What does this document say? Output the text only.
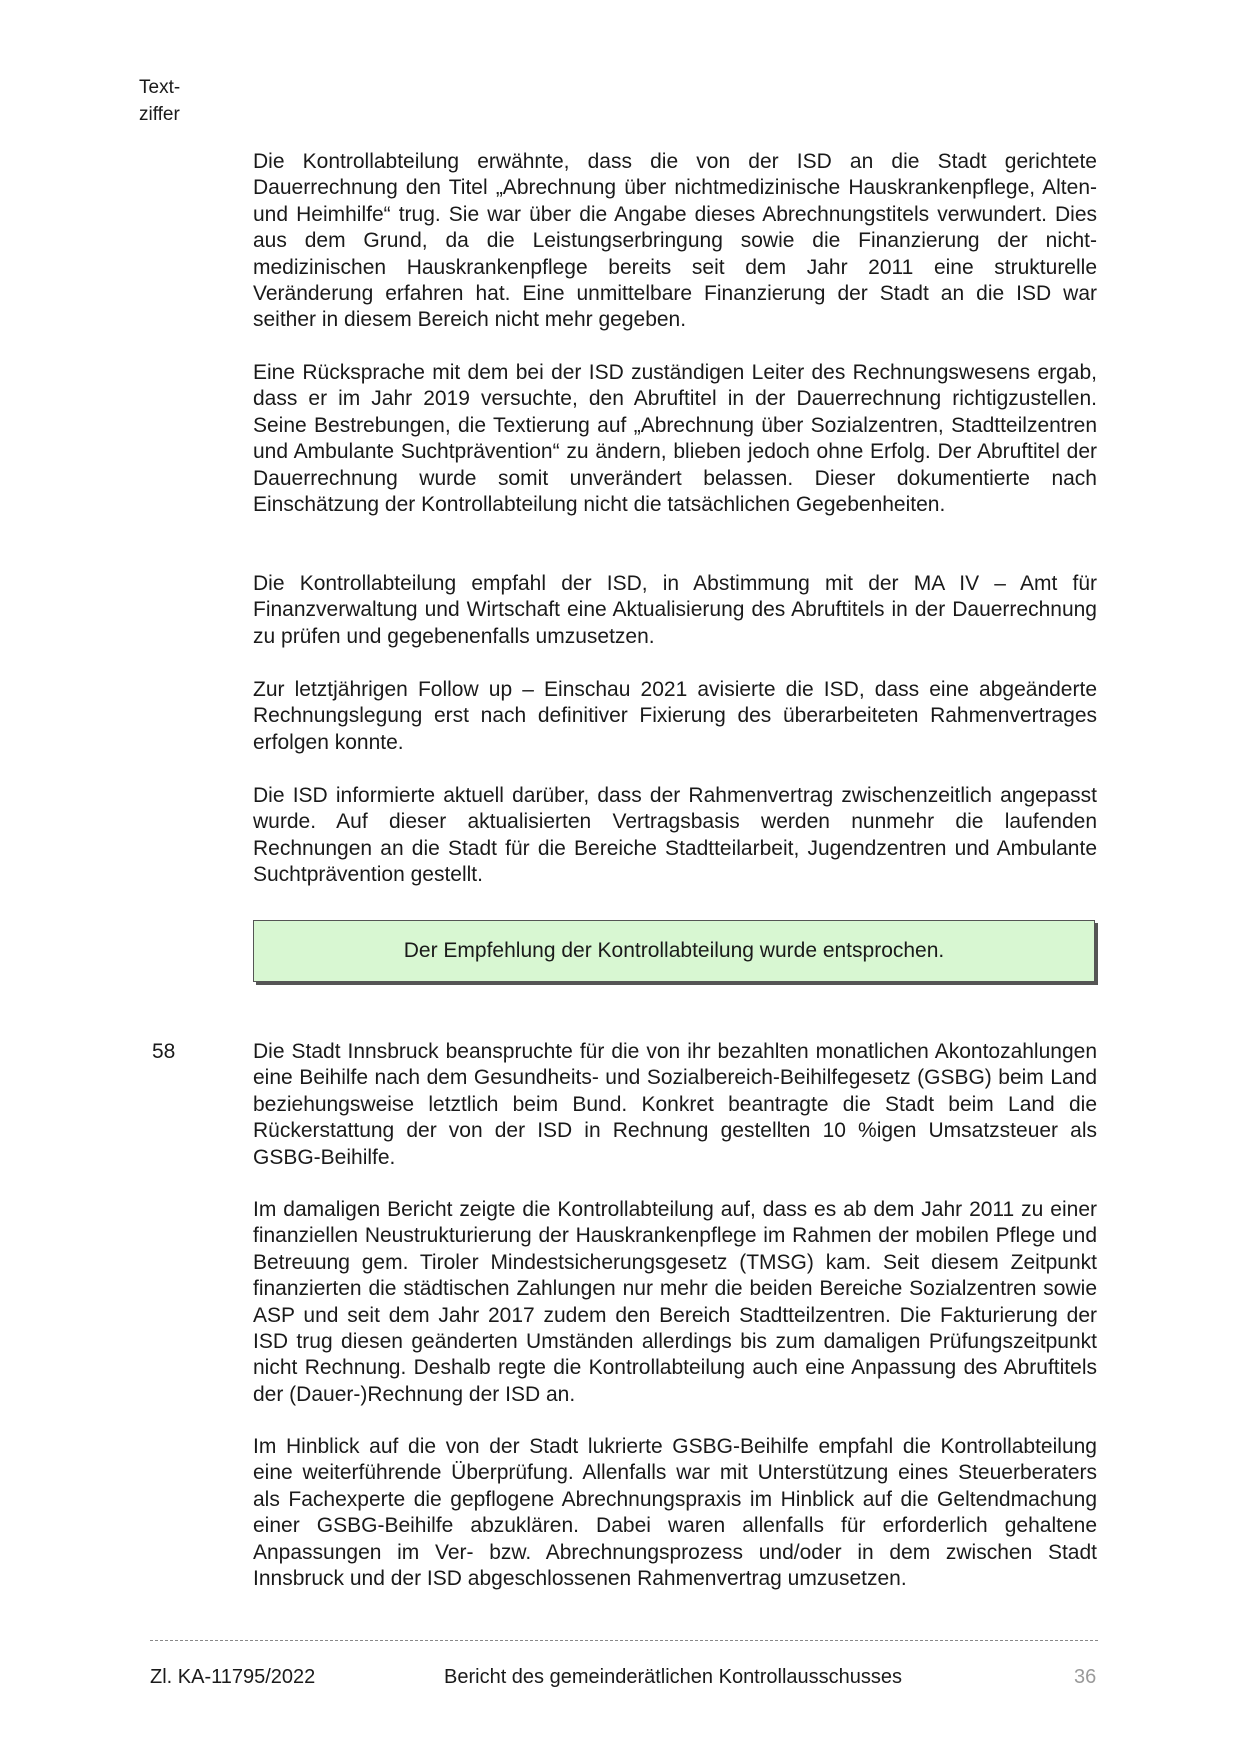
Text-
ziffer

Die Kontrollabteilung erwähnte, dass die von der ISD an die Stadt gerichtete Dauerrechnung den Titel „Abrechnung über nichtmedizinische Hauskrankenpflege, Alten- und Heimhilfe“ trug. Sie war über die Angabe dieses Abrechnungstitels verwundert. Dies aus dem Grund, da die Leistungserbringung sowie die Finanzierung der nicht-medizinischen Hauskrankenpflege bereits seit dem Jahr 2011 eine strukturelle Veränderung erfahren hat. Eine unmittelbare Finanzierung der Stadt an die ISD war seither in diesem Bereich nicht mehr gegeben.

Eine Rücksprache mit dem bei der ISD zuständigen Leiter des Rechnungswesens ergab, dass er im Jahr 2019 versuchte, den Abruftitel in der Dauerrechnung richtigzustellen. Seine Bestrebungen, die Textierung auf „Abrechnung über Sozialzentren, Stadtteilzentren und Ambulante Suchtprävention“ zu ändern, blieben jedoch ohne Erfolg. Der Abruftitel der Dauerrechnung wurde somit unverändert belassen. Dieser dokumentierte nach Einschätzung der Kontrollabteilung nicht die tatsächlichen Gegebenheiten.

Die Kontrollabteilung empfahl der ISD, in Abstimmung mit der MA IV – Amt für Finanzverwaltung und Wirtschaft eine Aktualisierung des Abruftitels in der Dauerrechnung zu prüfen und gegebenenfalls umzusetzen.

Zur letztjährigen Follow up – Einschau 2021 avisierte die ISD, dass eine abgeänderte Rechnungslegung erst nach definitiver Fixierung des überarbeiteten Rahmenvertrages erfolgen konnte.

Die ISD informierte aktuell darüber, dass der Rahmenvertrag zwischenzeitlich angepasst wurde. Auf dieser aktualisierten Vertragsbasis werden nunmehr die laufenden Rechnungen an die Stadt für die Bereiche Stadtteilarbeit, Jugendzentren und Ambulante Suchtprävention gestellt.

Der Empfehlung der Kontrollabteilung wurde entsprochen.
58	Die Stadt Innsbruck beanspruchte für die von ihr bezahlten monatlichen Akontozahlungen eine Beihilfe nach dem Gesundheits- und Sozialbereich-Beihilfegesetz (GSBG) beim Land beziehungsweise letztlich beim Bund. Konkret beantragte die Stadt beim Land die Rückerstattung der von der ISD in Rechnung gestellten 10 %igen Umsatzsteuer als GSBG-Beihilfe.

Im damaligen Bericht zeigte die Kontrollabteilung auf, dass es ab dem Jahr 2011 zu einer finanziellen Neustrukturierung der Hauskrankenpflege im Rahmen der mobilen Pflege und Betreuung gem. Tiroler Mindestsicherungsgesetz (TMSG) kam. Seit diesem Zeitpunkt finanzierten die städtischen Zahlungen nur mehr die beiden Bereiche Sozialzentren sowie ASP und seit dem Jahr 2017 zudem den Bereich Stadtteilzentren. Die Fakturierung der ISD trug diesen geänderten Umständen allerdings bis zum damaligen Prüfungszeitpunkt nicht Rechnung. Deshalb regte die Kontrollabteilung auch eine Anpassung des Abruftitels der (Dauer-)Rechnung der ISD an.

Im Hinblick auf die von der Stadt lukrierte GSBG-Beihilfe empfahl die Kontrollabteilung eine weiterführende Überprüfung. Allenfalls war mit Unterstützung eines Steuerberaters als Fachexperte die gepflogene Abrechnungspraxis im Hinblick auf die Geltendmachung einer GSBG-Beihilfe abzuklären. Dabei waren allenfalls für erforderlich gehaltene Anpassungen im Ver- bzw. Abrechnungsprozess und/oder in dem zwischen Stadt Innsbruck und der ISD abgeschlossenen Rahmenvertrag umzusetzen.

Zl. KA-11795/2022	Bericht des gemeinderätlichen Kontrollausschusses	36
